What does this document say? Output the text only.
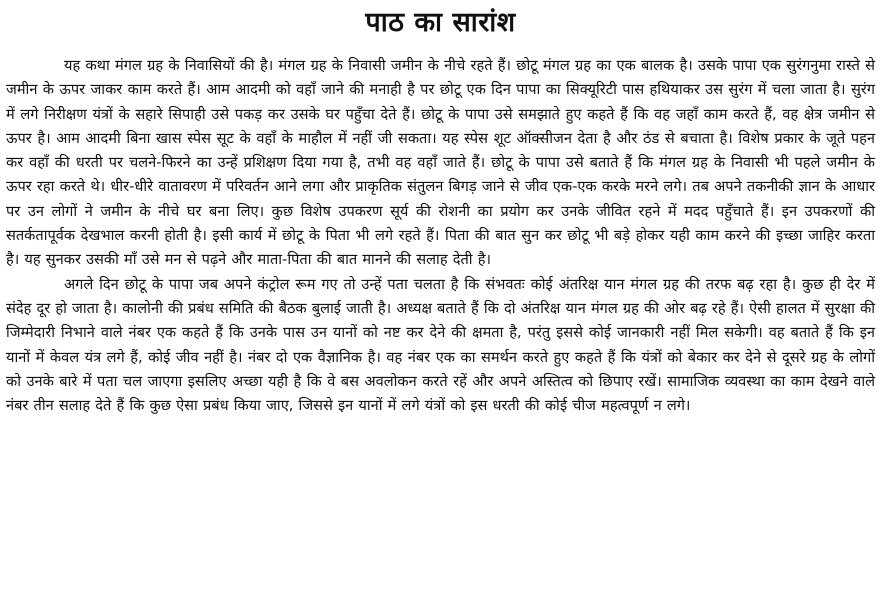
पाठ का सारांश

यह कथा मंगल ग्रह के निवासियों की है। मंगल ग्रह के निवासी जमीन के नीचे रहते हैं। छोटू मंगल ग्रह का एक बालक है। उसके पापा एक सुरंगनुमा रास्ते से जमीन के ऊपर जाकर काम करते हैं। आम आदमी को वहाँ जाने की मनाही है पर छोटू एक दिन पापा का सिक्यूरिटी पास हथियाकर उस सुरंग में चला जाता है। सुरंग में लगे निरीक्षण यंत्रों के सहारे सिपाही उसे पकड़ कर उसके घर पहुँचा देते हैं। छोटू के पापा उसे समझाते हुए कहते हैं कि वह जहाँ काम करते हैं, वह क्षेत्र जमीन से ऊपर है। आम आदमी बिना खास स्पेस सूट के वहाँ के माहौल में नहीं जी सकता। यह स्पेस शूट ऑक्सीजन देता है और ठंड से बचाता है। विशेष प्रकार के जूते पहन कर वहाँ की धरती पर चलने-फिरने का उन्हें प्रशिक्षण दिया गया है, तभी वह वहाँ जाते हैं। छोटू के पापा उसे बताते हैं कि मंगल ग्रह के निवासी भी पहले जमीन के ऊपर रहा करते थे। धीर-धीरे वातावरण में परिवर्तन आने लगा और प्राकृतिक संतुलन बिगड़ जाने से जीव एक-एक करके मरने लगे। तब अपने तकनीकी ज्ञान के आधार पर उन लोगों ने जमीन के नीचे घर बना लिए। कुछ विशेष उपकरण सूर्य की रोशनी का प्रयोग कर उनके जीवित रहने में मदद पहुँचाते हैं। इन उपकरणों की सतर्कतापूर्वक देखभाल करनी होती है। इसी कार्य में छोटू के पिता भी लगे रहते हैं। पिता की बात सुन कर छोटू भी बड़े होकर यही काम करने की इच्छा जाहिर करता है। यह सुनकर उसकी माँ उसे मन से पढ़ने और माता-पिता की बात मानने की सलाह देती है।

अगले दिन छोटू के पापा जब अपने कंट्रोल रूम गए तो उन्हें पता चलता है कि संभवतः कोई अंतरिक्ष यान मंगल ग्रह की तरफ बढ़ रहा है। कुछ ही देर में संदेह दूर हो जाता है। कालोनी की प्रबंध समिति की बैठक बुलाई जाती है। अध्यक्ष बताते हैं कि दो अंतरिक्ष यान मंगल ग्रह की ओर बढ़ रहे हैं। ऐसी हालत में सुरक्षा की जिम्मेदारी निभाने वाले नंबर एक कहते हैं कि उनके पास उन यानों को नष्ट कर देने की क्षमता है, परंतु इससे कोई जानकारी नहीं मिल सकेगी। वह बताते हैं कि इन यानों में केवल यंत्र लगे हैं, कोई जीव नहीं है। नंबर दो एक वैज्ञानिक है। वह नंबर एक का समर्थन करते हुए कहते हैं कि यंत्रों को बेकार कर देने से दूसरे ग्रह के लोगों को उनके बारे में पता चल जाएगा इसलिए अच्छा यही है कि वे बस अवलोकन करते रहें और अपने अस्तित्व को छिपाए रखें। सामाजिक व्यवस्था का काम देखने वाले नंबर तीन सलाह देते हैं कि कुछ ऐसा प्रबंध किया जाए, जिससे इन यानों में लगे यंत्रों को इस धरती की कोई चीज महत्वपूर्ण न लगे।
